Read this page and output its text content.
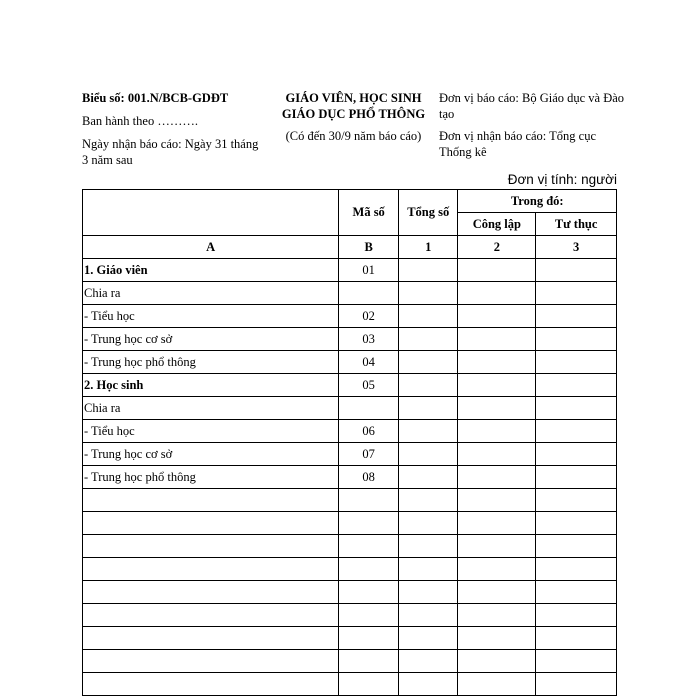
Biểu số: 001.N/BCB-GDĐT
Ban hành theo ……….
Ngày nhận báo cáo: Ngày 31 tháng 3 năm sau
GIÁO VIÊN, HỌC SINH
GIÁO DỤC PHỔ THÔNG
(Có đến 30/9 năm báo cáo)
Đơn vị báo cáo: Bộ Giáo dục và Đào tạo
Đơn vị nhận báo cáo: Tổng cục Thống kê
Đơn vị tính: người
	Mã số	Tổng số	Trong đó:	
			Công lập	Tư thục
A	B	1	2	3
1. Giáo viên	01			
Chia ra				
- Tiểu học	02			
- Trung học cơ sở	03			
- Trung học phổ thông	04			
2. Học sinh	05			
Chia ra				
- Tiểu học	06			
- Trung học cơ sở	07			
- Trung học phổ thông	08			
